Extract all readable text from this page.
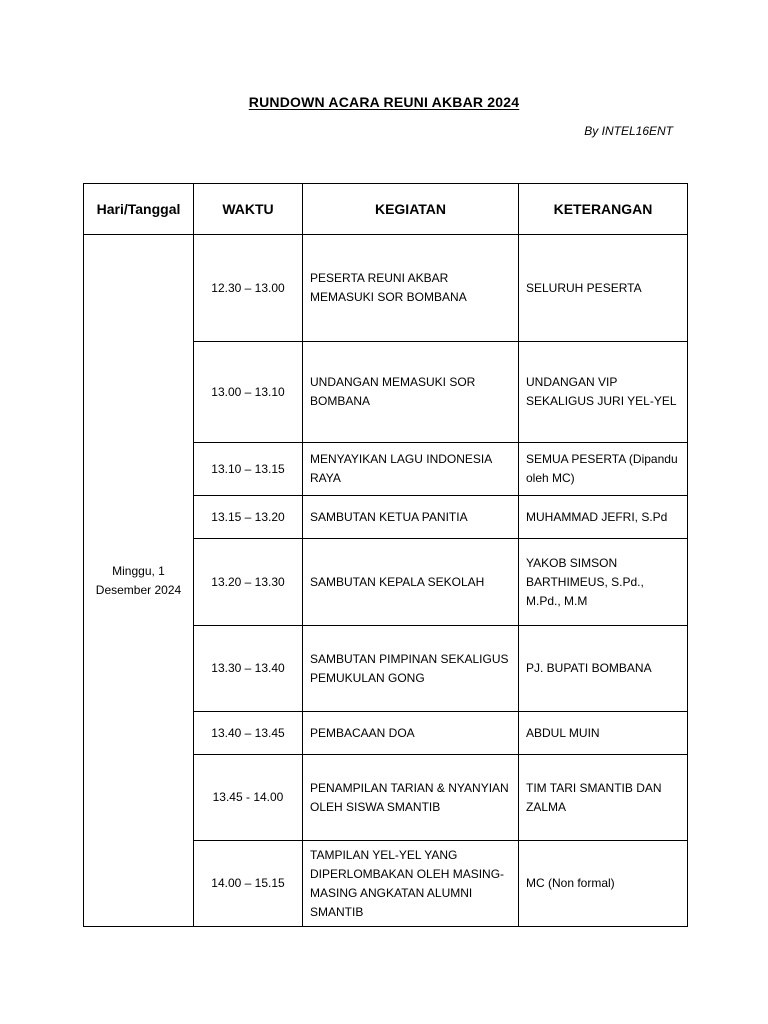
RUNDOWN ACARA REUNI AKBAR 2024
By INTEL16ENT
Hari/Tanggal	WAKTU	KEGIATAN	KETERANGAN
Minggu, 1 Desember 2024	12.30 – 13.00	PESERTA REUNI AKBAR MEMASUKI SOR BOMBANA	SELURUH PESERTA
	13.00 – 13.10	UNDANGAN MEMASUKI SOR BOMBANA	UNDANGAN VIP SEKALIGUS JURI YEL-YEL
	13.10 – 13.15	MENYAYIKAN LAGU INDONESIA RAYA	SEMUA PESERTA (Dipandu oleh MC)
	13.15 – 13.20	SAMBUTAN KETUA PANITIA	MUHAMMAD JEFRI, S.Pd
	13.20 – 13.30	SAMBUTAN KEPALA SEKOLAH	YAKOB SIMSON BARTHIMEUS, S.Pd., M.Pd., M.M
	13.30 – 13.40	SAMBUTAN PIMPINAN SEKALIGUS PEMUKULAN GONG	PJ. BUPATI BOMBANA
	13.40 – 13.45	PEMBACAAN DOA	ABDUL MUIN
	13.45 - 14.00	PENAMPILAN TARIAN & NYANYIAN OLEH SISWA SMANTIB	TIM TARI SMANTIB DAN ZALMA
	14.00 – 15.15	TAMPILAN YEL-YEL YANG DIPERLOMBAKAN OLEH MASING-MASING ANGKATAN ALUMNI SMANTIB	MC (Non formal)
